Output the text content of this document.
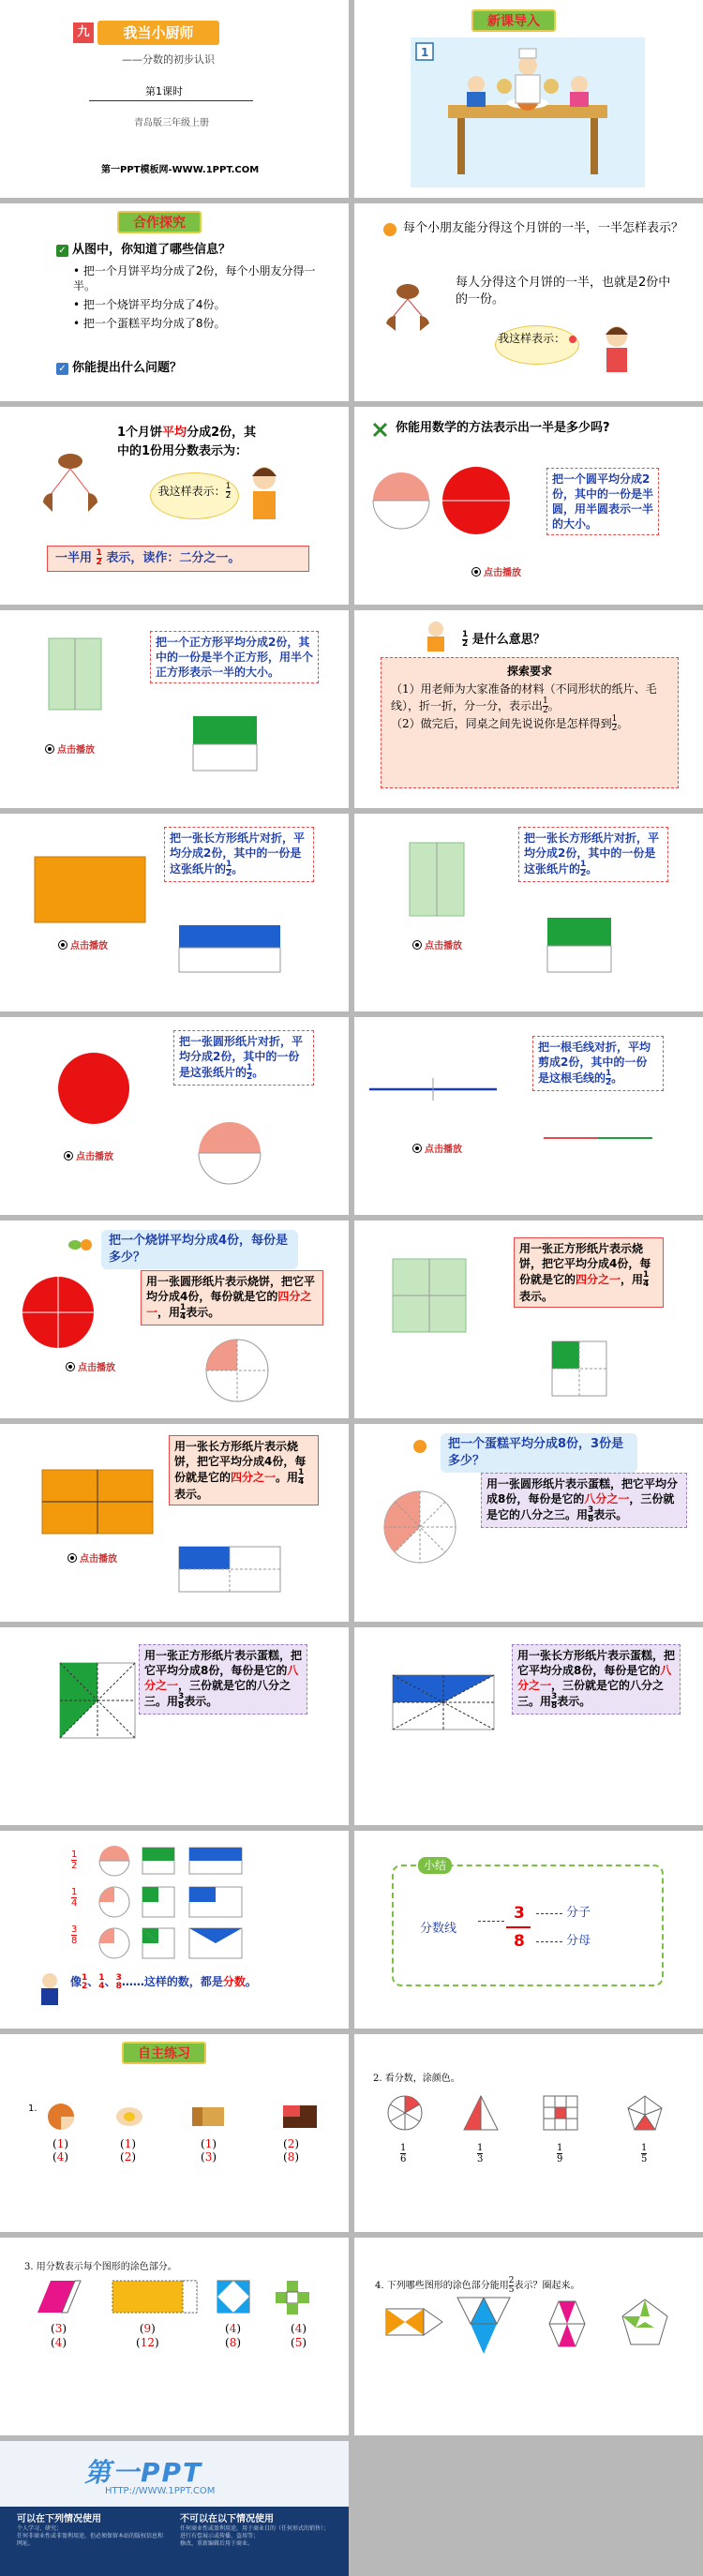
九	我当小厨师
——分数的初步认识
第1课时
青岛版三年级上册
第一PPT模板网-WWW.1PPT.COM
新课导入
1
合作探究
✓ 从图中，你知道了哪些信息？
• 把一个月饼平均分成了2份，每个小朋友分得一半。
• 把一个烧饼平均分成了4份。
• 把一个蛋糕平均分成了8份。
✓ 你能提出什么问题？
每个小朋友能分得这个月饼的一半，一半怎样表示？
每人分得这个月饼的一半，也就是2份中的一份。
我这样表示：
1个月饼平均分成2份，其
中的1份用分数表示为：
我这样表示： $\frac{1}{2}$
一半用 $\frac{1}{2}$ 表示，读作：二分之一。
你能用数学的方法表示出一半是多少吗?
把一个圆平均分成2份，其中的一份是半圆，用半圆表示一半的大小。
点击播放
把一个正方形平均分成2份，其中的一份是半个正方形，用半个正方形表示一半的大小。
点击播放
$\frac{1}{2}$ 是什么意思？
探索要求
（1）用老师为大家准备的材料（不同形状的纸片、毛线），折一折，分一分，表示出 $\frac{1}{2}$ 。
（2）做完后，同桌之间先说说你是怎样得到 $\frac{1}{2}$ 。
把一张长方形纸片对折，平均分成2份，其中的一份是这张纸片的 $\frac{1}{2}$ 。
点击播放
把一张长方形纸片对折，平均分成2份，其中的一份是这张纸片的 $\frac{1}{2}$ 。
点击播放
把一张圆形纸片对折，平均分成2份，其中的一份是这张纸片的 $\frac{1}{2}$ 。
点击播放
把一根毛线对折，平均剪成2份，其中的一份是这根毛线的 $\frac{1}{2}$ 。
点击播放
把一个烧饼平均分成4份，每份是多少？
用一张圆形纸片表示烧饼，把它平均分成4份，每份就是它的四分之一，用 $\frac{1}{4}$ 表示。
点击播放
用一张正方形纸片表示烧饼，把它平均分成4份，每份就是它的四分之一，用 $\frac{1}{4}$
表示。
用一张长方形纸片表示烧饼，把它平均分成4份，每份就是它的四分之一。用 $\frac{1}{4}$
表示。
点击播放
把一个蛋糕平均分成8份，3份是多少？
用一张圆形纸片表示蛋糕，把它平均分成8份，每份是它的八分之一，三份就是它的八分之三。用 $\frac{3}{8}$ 表示。
用一张正方形纸片表示蛋糕，把它平均分成8份，每份是它的八分之一，三份就是它的八分之三。用 $\frac{3}{8}$ 表示。
用一张长方形纸片表示蛋糕，把它平均分成8份，每份是它的八分之一，三份就是它的八分之三。用 $\frac{3}{8}$ 表示。
$\frac{1}{2}$
$\frac{1}{4}$
$\frac{3}{8}$
像1
2、1
4、3
8……这样的数，都是分数。
小结
分数线
3
8
分子
分母
自主练习
1.
(1)
(4)
(1)
(2)
(1)
(3)
(2)
(8)
2. 看分数，涂颜色。
$\frac{1}{6}$	$\frac{1}{3}$	$\frac{1}{9}$	$\frac{1}{5}$
3. 用分数表示每个图形的涂色部分。
(3)
(4)
(9)
(12)
(4)
(8)
(4)
(5)
4. 下列哪些图形的涂色部分能用 $\frac{2}{5}$ 表示？圈起来。
第一PPT
HTTP://WWW.1PPT.COM
可以在下列情况使用	不可以在以下情况使用
个人学习、研究；
任何非商业性或非盈利用途，但必须保留本站的版权信息和网址。
任何商业性或盈利用途，用于商业目的（任何形式的销售）；
进行有偿展示或传播、盗用等；
修改，重新编辑后用于商业。
